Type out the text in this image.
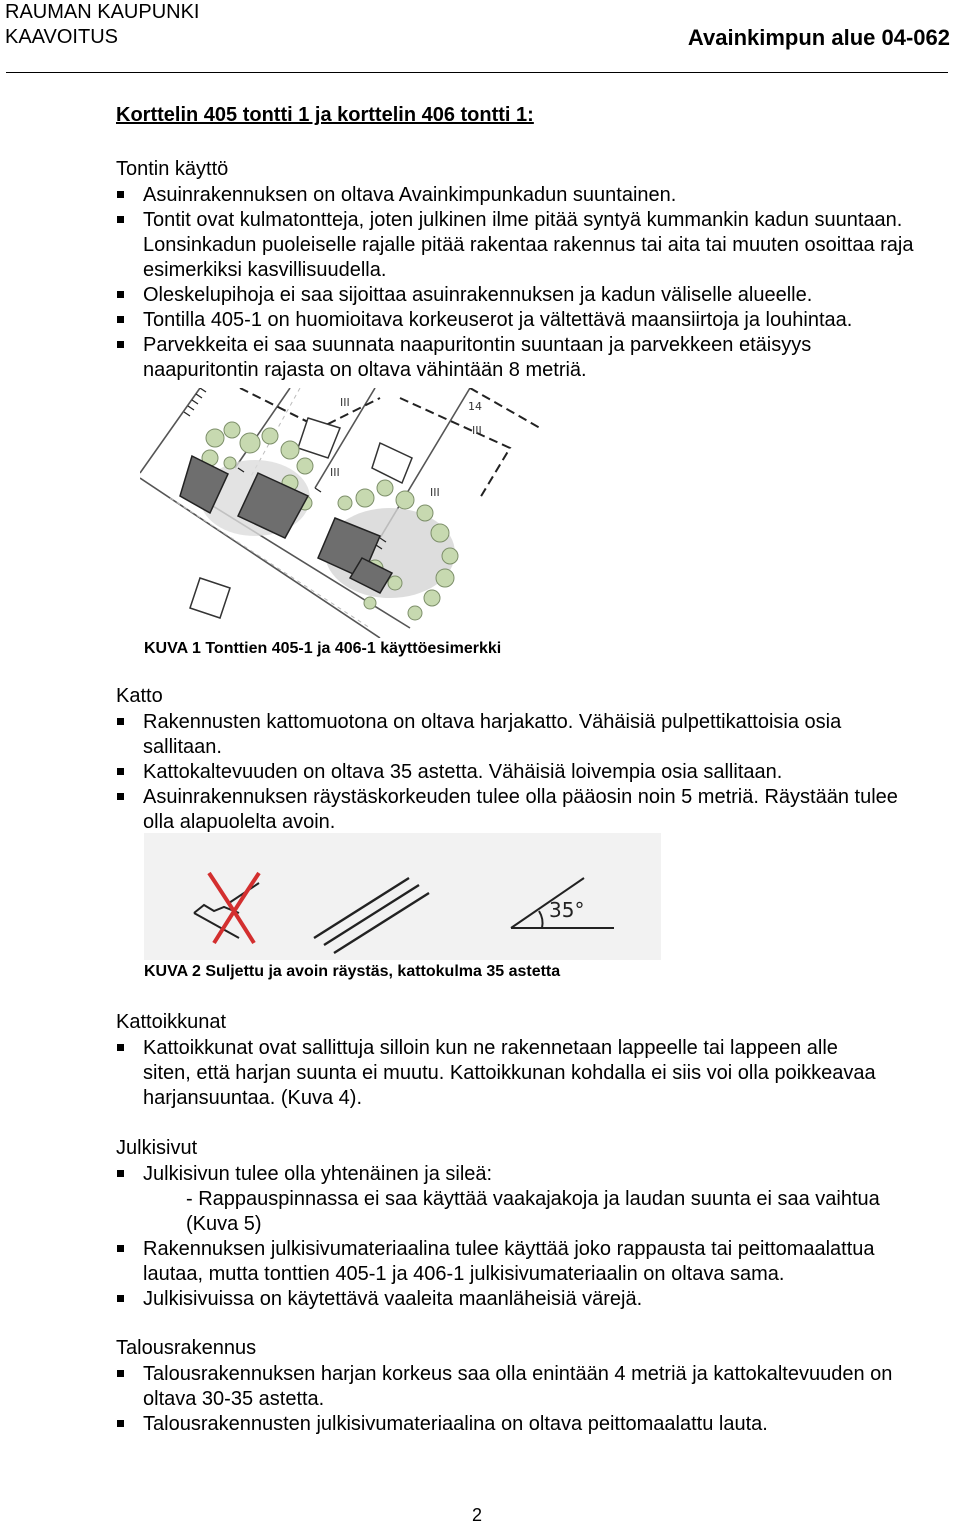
RAUMAN KAUPUNKI
KAAVOITUS	Avainkimpun alue 04-062
Korttelin 405 tontti 1 ja korttelin 406 tontti 1:
Tontin käyttö
Asuinrakennuksen on oltava Avainkimpunkadun suuntainen.
Tontit ovat kulmatontteja, joten julkinen ilme pitää syntyä kummankin kadun suuntaan. Lonsinkadun puoleiselle rajalle pitää rakentaa rakennus tai aita tai muuten osoittaa raja esimerkiksi kasvillisuudella.
Oleskelupihoja ei saa sijoittaa asuinrakennuksen ja kadun väliselle alueelle.
Tontilla 405-1 on huomioitava korkeuserot ja vältettävä maansiirtoja ja louhintaa.
Parvekkeita ei saa suunnata naapuritontin suuntaan ja parvekkeen etäisyys naapuritontin rajasta on oltava vähintään 8 metriä.
14
III
III
III
III
KUVA 1 Tonttien 405-1 ja 406-1 käyttöesimerkki
Katto
Rakennusten kattomuotona on oltava harjakatto. Vähäisiä pulpettikattoisia osia sallitaan.
Kattokaltevuuden on oltava 35 astetta. Vähäisiä loivempia osia sallitaan.
Asuinrakennuksen räystäskorkeuden tulee olla pääosin noin 5 metriä. Räystään tulee olla alapuolelta avoin.
35°
KUVA 2 Suljettu ja avoin räystäs, kattokulma 35 astetta
Kattoikkunat
Kattoikkunat ovat sallittuja silloin kun ne rakennetaan lappeelle tai lappeen alle siten, että harjan suunta ei muutu. Kattoikkunan kohdalla ei siis voi olla poikkeavaa harjansuuntaa. (Kuva 4).
Julkisivut
Julkisivun tulee olla yhtenäinen ja sileä:
- Rappauspinnassa ei saa käyttää vaakajakoja ja laudan suunta ei saa vaihtua
(Kuva 5)
Rakennuksen julkisivumateriaalina tulee käyttää joko rappausta tai peittomaalattua lautaa, mutta tonttien 405-1 ja 406-1 julkisivumateriaalin on oltava sama.
Julkisivuissa on käytettävä vaaleita maanläheisiä värejä.
Talousrakennus
Talousrakennuksen harjan korkeus saa olla enintään 4 metriä ja kattokaltevuuden on oltava 30-35 astetta.
Talousrakennusten julkisivumateriaalina on oltava peittomaalattu lauta.
2
